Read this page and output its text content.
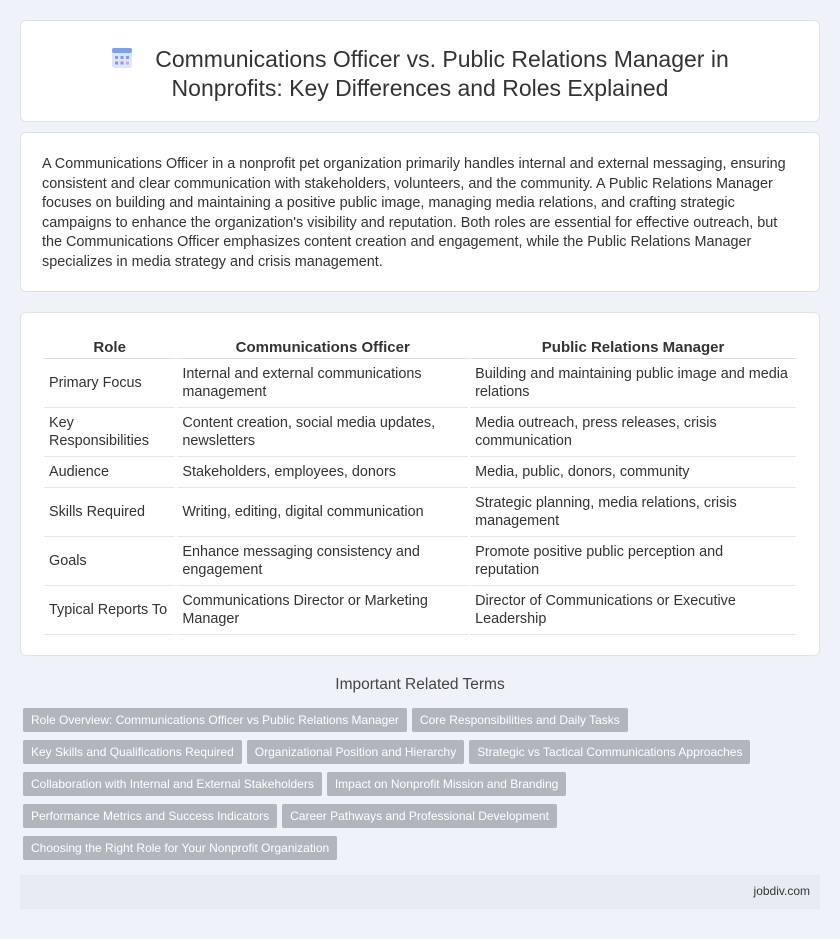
Communications Officer vs. Public Relations Manager in
Nonprofits: Key Differences and Roles Explained
A Communications Officer in a nonprofit pet organization primarily handles internal and external messaging, ensuring consistent and clear communication with stakeholders, volunteers, and the community. A Public Relations Manager focuses on building and maintaining a positive public image, managing media relations, and crafting strategic campaigns to enhance the organization's visibility and reputation. Both roles are essential for effective outreach, but the Communications Officer emphasizes content creation and engagement, while the Public Relations Manager specializes in media strategy and crisis management.
Role	Communications Officer	Public Relations Manager
Primary Focus	Internal and external communications management	Building and maintaining public image and media relations
Key Responsibilities	Content creation, social media updates, newsletters	Media outreach, press releases, crisis communication
Audience	Stakeholders, employees, donors	Media, public, donors, community
Skills Required	Writing, editing, digital communication	Strategic planning, media relations, crisis management
Goals	Enhance messaging consistency and engagement	Promote positive public perception and reputation
Typical Reports To	Communications Director or Marketing Manager	Director of Communications or Executive Leadership
Important Related Terms
Role Overview: Communications Officer vs Public Relations Manager Core Responsibilities and Daily Tasks
Key Skills and Qualifications Required Organizational Position and Hierarchy Strategic vs Tactical Communications Approaches
Collaboration with Internal and External Stakeholders Impact on Nonprofit Mission and Branding
Performance Metrics and Success Indicators Career Pathways and Professional Development
Choosing the Right Role for Your Nonprofit Organization
jobdiv.com
